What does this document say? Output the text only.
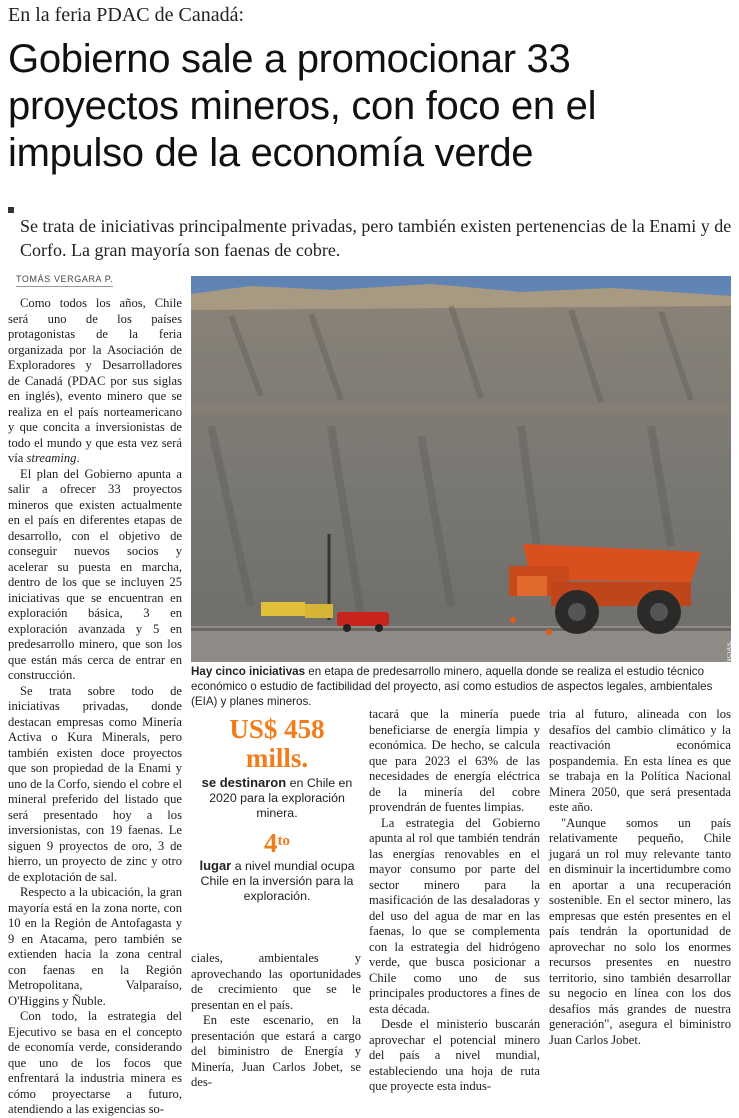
En la feria PDAC de Canadá:
Gobierno sale a promocionar 33 proyectos mineros, con foco en el impulso de la economía verde
Se trata de iniciativas principalmente privadas, pero también existen pertenencias de la Enami y de Corfo. La gran mayoría son faenas de cobre.
TOMÁS VERGARA P.

Como todos los años, Chile será uno de los países protagonistas de la feria organizada por la Asociación de Exploradores y Desarrolladores de Canadá (PDAC por sus siglas en inglés), evento minero que se realiza en el país norteamericano y que concita a inversionistas de todo el mundo y que esta vez será vía streaming.

El plan del Gobierno apunta a salir a ofrecer 33 proyectos mineros que existen actualmente en el país en diferentes etapas de desarrollo, con el objetivo de conseguir nuevos socios y acelerar su puesta en marcha, dentro de los que se incluyen 25 iniciativas que se encuentran en exploración básica, 3 en exploración avanzada y 5 en predesarrollo minero, que son los que están más cerca de entrar en construcción.

Se trata sobre todo de iniciativas privadas, donde destacan empresas como Minería Activa o Kura Minerals, pero también existen doce proyectos que son propiedad de la Enami y uno de la Corfo, siendo el cobre el mineral preferido del listado que será presentado hoy a los inversionistas, con 19 faenas. Le siguen 9 proyectos de oro, 3 de hierro, un proyecto de zinc y otro de explotación de sal.

Respecto a la ubicación, la gran mayoría está en la zona norte, con 10 en la Región de Antofagasta y 9 en Atacama, pero también se extienden hacia la zona central con faenas en la Región Metropolitana, Valparaíso, O'Higgins y Ñuble.

Con todo, la estrategia del Ejecutivo se basa en el concepto de economía verde, considerando que uno de los focos que enfrentará la industria minera es cómo proyectarse a futuro, atendiendo a las exigencias so-

AGENCIAS.
Hay cinco iniciativas en etapa de predesarrollo minero, aquella donde se realiza el estudio técnico económico o estudio de factibilidad del proyecto, así como estudios de aspectos legales, ambientales (EIA) y planes mineros.
US$ 458 mills.
se destinaron en Chile en 2020 para la exploración minera.
$4^{to}$
lugar a nivel mundial ocupa Chile en la inversión para la exploración.

ciales, ambientales y aprovechando las oportunidades de crecimiento que se le presentan en el país.

En este escenario, en la presentación que estará a cargo del biministro de Energía y Minería, Juan Carlos Jobet, se des-

tacará que la minería puede beneficiarse de energía limpia y económica. De hecho, se calcula que para 2023 el 63% de las necesidades de energía eléctrica de la minería del cobre provendrán de fuentes limpias.

La estrategia del Gobierno apunta al rol que también tendrán las energías renovables en el mayor consumo por parte del sector minero para la masificación de las desaladoras y del uso del agua de mar en las faenas, lo que se complementa con la estrategia del hidrógeno verde, que busca posicionar a Chile como uno de sus principales productores a fines de esta década.

Desde el ministerio buscarán aprovechar el potencial minero del país a nivel mundial, estableciendo una hoja de ruta que proyecte esta indus-

tria al futuro, alineada con los desafíos del cambio climático y la reactivación económica pospandemia. En esta línea es que se trabaja en la Política Nacional Minera 2050, que será presentada este año.

"Aunque somos un país relativamente pequeño, Chile jugará un rol muy relevante tanto en disminuir la incertidumbre como en aportar a una recuperación sostenible. En el sector minero, las empresas que estén presentes en el país tendrán la oportunidad de aprovechar no solo los enormes recursos presentes en nuestro territorio, sino también desarrollar su negocio en línea con los dos desafíos más grandes de nuestra generación", asegura el biministro Juan Carlos Jobet.
